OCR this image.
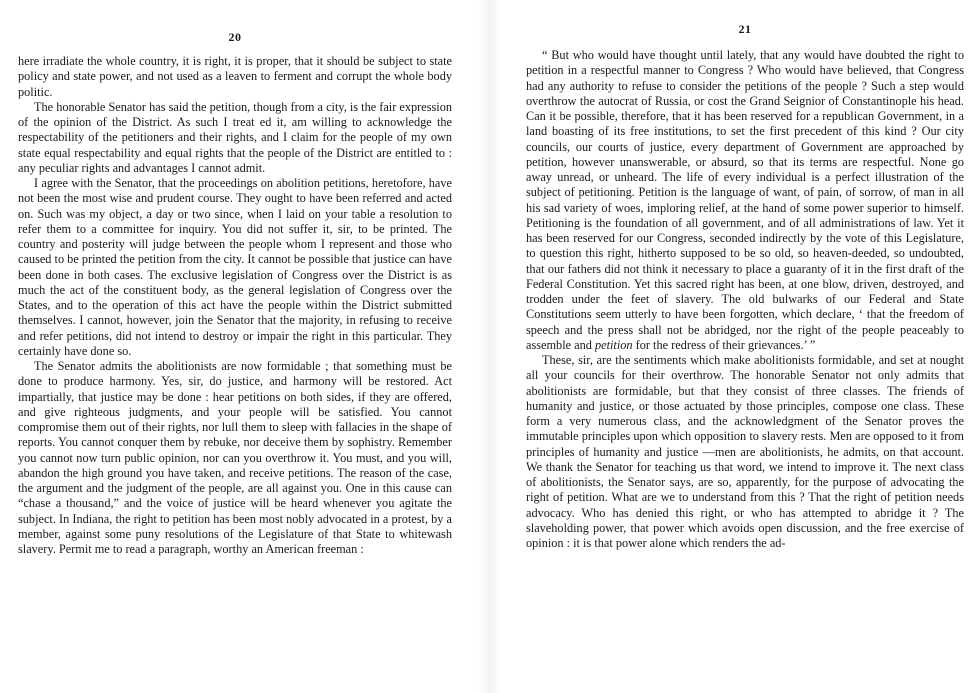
20

here irradiate the whole country, it is right, it is proper, that it should be subject to state policy and state power, and not used as a leaven to ferment and corrupt the whole body politic.

The honorable Senator has said the petition, though from a city, is the fair expression of the opinion of the District. As such I treat ed it, am willing to acknowledge the respectability of the petitioners and their rights, and I claim for the people of my own state equal respectability and equal rights that the people of the District are entitled to : any peculiar rights and advantages I cannot admit.

I agree with the Senator, that the proceedings on abolition petitions, heretofore, have not been the most wise and prudent course. They ought to have been referred and acted on. Such was my object, a day or two since, when I laid on your table a resolution to refer them to a committee for inquiry. You did not suffer it, sir, to be printed. The country and posterity will judge between the people whom I represent and those who caused to be printed the petition from the city. It cannot be possible that justice can have been done in both cases. The exclusive legislation of Congress over the District is as much the act of the constituent body, as the general legislation of Congress over the States, and to the operation of this act have the people within the District submitted themselves. I cannot, however, join the Senator that the majority, in refusing to receive and refer petitions, did not intend to destroy or impair the right in this particular. They certainly have done so.

The Senator admits the abolitionists are now formidable ; that something must be done to produce harmony. Yes, sir, do justice, and harmony will be restored. Act impartially, that justice may be done : hear petitions on both sides, if they are offered, and give righteous judgments, and your people will be satisfied. You cannot compromise them out of their rights, nor lull them to sleep with fallacies in the shape of reports. You cannot conquer them by rebuke, nor deceive them by sophistry. Remember you cannot now turn public opinion, nor can you overthrow it. You must, and you will, abandon the high ground you have taken, and receive petitions. The reason of the case, the argument and the judgment of the people, are all against you. One in this cause can “chase a thousand,” and the voice of justice will be heard whenever you agitate the subject. In Indiana, the right to petition has been most nobly advocated in a protest, by a member, against some puny resolutions of the Legislature of that State to whitewash slavery. Permit me to read a paragraph, worthy an American freeman :

21

“ But who would have thought until lately, that any would have doubted the right to petition in a respectful manner to Congress ? Who would have believed, that Congress had any authority to refuse to consider the petitions of the people ? Such a step would overthrow the autocrat of Russia, or cost the Grand Seignior of Constantinople his head. Can it be possible, therefore, that it has been reserved for a republican Government, in a land boasting of its free institutions, to set the first precedent of this kind ? Our city councils, our courts of justice, every department of Government are approached by petition, however unanswerable, or absurd, so that its terms are respectful. None go away unread, or unheard. The life of every individual is a perfect illustration of the subject of petitioning. Petition is the language of want, of pain, of sorrow, of man in all his sad variety of woes, imploring relief, at the hand of some power superior to himself. Petitioning is the foundation of all government, and of all administrations of law. Yet it has been reserved for our Congress, seconded indirectly by the vote of this Legislature, to question this right, hitherto supposed to be so old, so heaven-deeded, so undoubted, that our fathers did not think it necessary to place a guaranty of it in the first draft of the Federal Constitution. Yet this sacred right has been, at one blow, driven, destroyed, and trodden under the feet of slavery. The old bulwarks of our Federal and State Constitutions seem utterly to have been forgotten, which declare, ‘ that the freedom of speech and the press shall not be abridged, nor the right of the people peaceably to assemble and petition for the redress of their grievances.’ ”

These, sir, are the sentiments which make abolitionists formidable, and set at nought all your councils for their overthrow. The honorable Senator not only admits that abolitionists are formidable, but that they consist of three classes. The friends of humanity and justice, or those actuated by those principles, compose one class. These form a very numerous class, and the acknowledgment of the Senator proves the immutable principles upon which opposition to slavery rests. Men are opposed to it from principles of humanity and justice —men are abolitionists, he admits, on that account. We thank the Senator for teaching us that word, we intend to improve it. The next class of abolitionists, the Senator says, are so, apparently, for the purpose of advocating the right of petition. What are we to understand from this ? That the right of petition needs advocacy. Who has denied this right, or who has attempted to abridge it ? The slaveholding power, that power which avoids open discussion, and the free exercise of opinion : it is that power alone which renders the ad-
